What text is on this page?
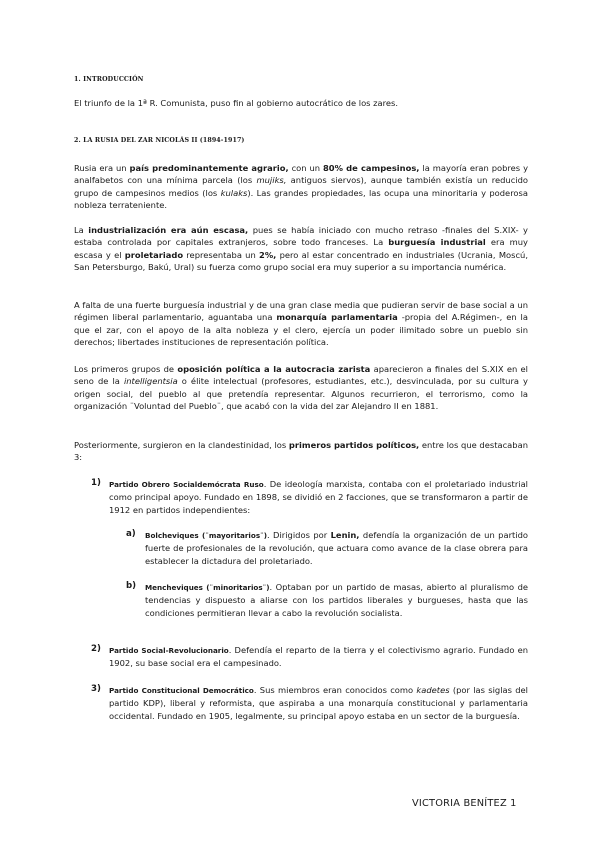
1. INTRODUCCIÓN
El triunfo de la 1ª R. Comunista, puso fin al gobierno autocrático de los zares.
2. LA RUSIA DEL ZAR NICOLÁS II (1894-1917)
Rusia era un país predominantemente agrario, con un 80% de campesinos, la mayoría eran pobres y analfabetos con una mínima parcela (los mujiks, antiguos siervos), aunque también existía un reducido grupo de campesinos medios (los kulaks). Las grandes propiedades, las ocupa una minoritaria y poderosa nobleza terrateniente.
La industrialización era aún escasa, pues se había iniciado con mucho retraso -finales del S.XIX- y estaba controlada por capitales extranjeros, sobre todo franceses. La burguesía industrial era muy escasa y el proletariado representaba un 2%, pero al estar concentrado en industriales (Ucrania, Moscú, San Petersburgo, Bakú, Ural) su fuerza como grupo social era muy superior a su importancia numérica.
A falta de una fuerte burguesía industrial y de una gran clase media que pudieran servir de base social a un régimen liberal parlamentario, aguantaba una monarquía parlamentaria -propia del A.Régimen-, en la que el zar, con el apoyo de la alta nobleza y el clero, ejercía un poder ilimitado sobre un pueblo sin derechos; libertades instituciones de representación política.
Los primeros grupos de oposición política a la autocracia zarista aparecieron a finales del S.XIX en el seno de la intelligentsia o élite intelectual (profesores, estudiantes, etc.), desvinculada, por su cultura y origen social, del pueblo al que pretendía representar. Algunos recurrieron, el terrorismo, como la organización ¨Voluntad del Pueblo¨, que acabó con la vida del zar Alejandro II en 1881.
Posteriormente, surgieron en la clandestinidad, los primeros partidos políticos, entre los que destacaban 3:
1) Partido Obrero Socialdemócrata Ruso. De ideología marxista, contaba con el proletariado industrial como principal apoyo. Fundado en 1898, se dividió en 2 facciones, que se transformaron a partir de 1912 en partidos independientes:
a) Bolcheviques (¨mayoritarios¨). Dirigidos por Lenin, defendía la organización de un partido fuerte de profesionales de la revolución, que actuara como avance de la clase obrera para establecer la dictadura del proletariado.
b) Mencheviques (¨minoritarios¨). Optaban por un partido de masas, abierto al pluralismo de tendencias y dispuesto a aliarse con los partidos liberales y burgueses, hasta que las condiciones permitieran llevar a cabo la revolución socialista.
2) Partido Social-Revolucionario. Defendía el reparto de la tierra y el colectivismo agrario. Fundado en 1902, su base social era el campesinado.
3) Partido Constitucional Democrático. Sus miembros eran conocidos como kadetes (por las siglas del partido KDP), liberal y reformista, que aspiraba a una monarquía constitucional y parlamentaria occidental. Fundado en 1905, legalmente, su principal apoyo estaba en un sector de la burguesía.
VICTORIA BENÍTEZ 1
